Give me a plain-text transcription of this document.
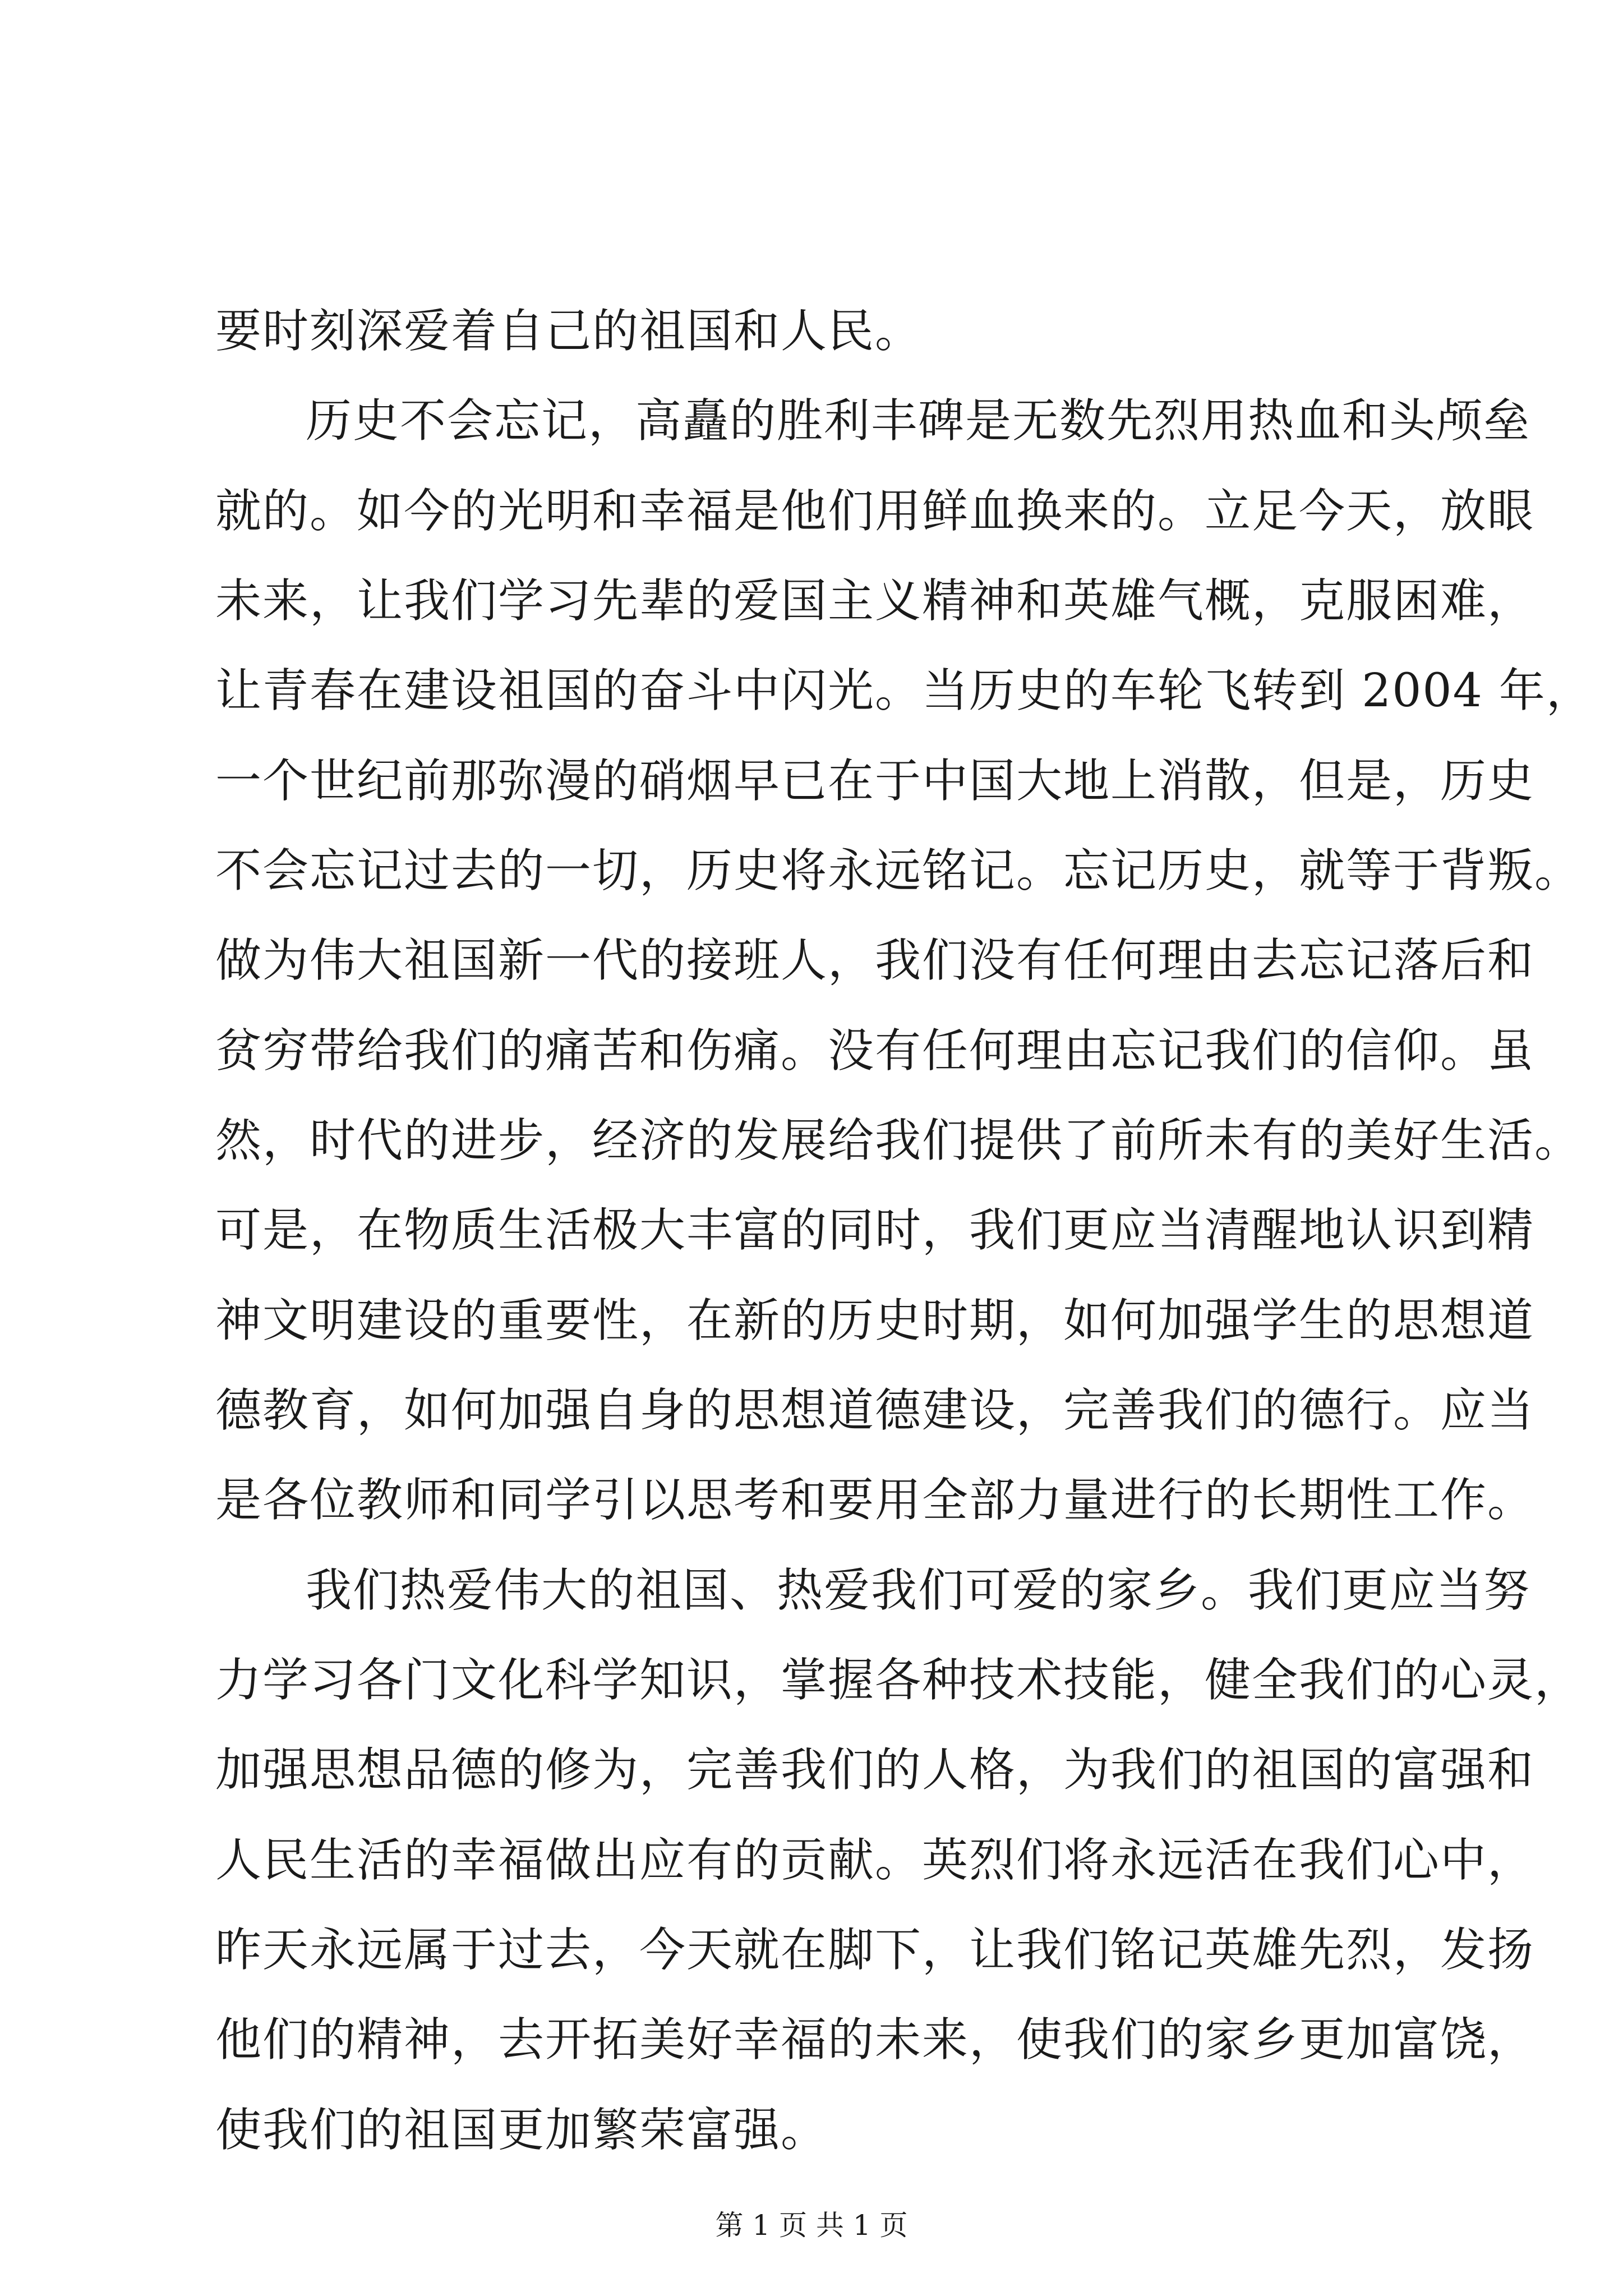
要时刻深爱着自己的祖国和人民。

历史不会忘记，高矗的胜利丰碑是无数先烈用热血和头颅垒

就的。如今的光明和幸福是他们用鲜血换来的。立足今天，放眼

未来，让我们学习先辈的爱国主义精神和英雄气概，克服困难，

让青春在建设祖国的奋斗中闪光。当历史的车轮飞转到 2004 年，

一个世纪前那弥漫的硝烟早已在于中国大地上消散，但是，历史

不会忘记过去的一切，历史将永远铭记。忘记历史，就等于背叛。

做为伟大祖国新一代的接班人，我们没有任何理由去忘记落后和

贫穷带给我们的痛苦和伤痛。没有任何理由忘记我们的信仰。虽

然，时代的进步，经济的发展给我们提供了前所未有的美好生活。

可是，在物质生活极大丰富的同时，我们更应当清醒地认识到精

神文明建设的重要性，在新的历史时期，如何加强学生的思想道

德教育，如何加强自身的思想道德建设，完善我们的德行。应当

是各位教师和同学引以思考和要用全部力量进行的长期性工作。

我们热爱伟大的祖国、热爱我们可爱的家乡。我们更应当努

力学习各门文化科学知识，掌握各种技术技能，健全我们的心灵，

加强思想品德的修为，完善我们的人格，为我们的祖国的富强和

人民生活的幸福做出应有的贡献。英烈们将永远活在我们心中，

昨天永远属于过去，今天就在脚下，让我们铭记英雄先烈，发扬

他们的精神，去开拓美好幸福的未来，使我们的家乡更加富饶，

使我们的祖国更加繁荣富强。

第 1 页 共 1 页
